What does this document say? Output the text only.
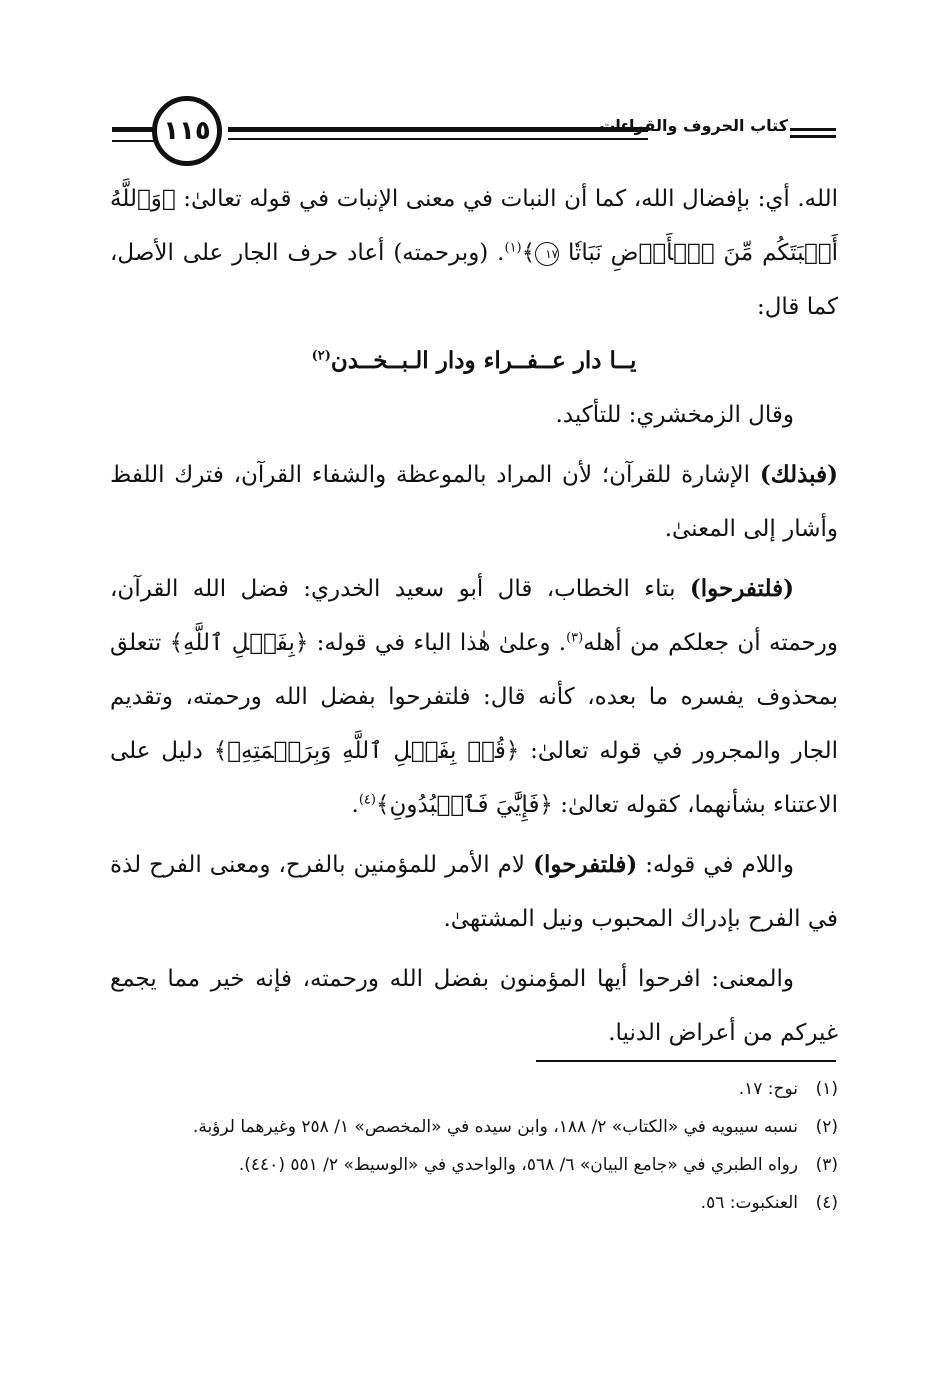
١١٥	كتاب الحروف والقراءات

الله. أي: بإفضال الله، كما أن النبات في معنى الإنبات في قوله تعالىٰ: ﴿وَٱللَّهُ أَنۢبَتَكُم مِّنَ ٱلۡأَرۡضِ نَبَاتٗا ١٧﴾$^{(١)}$. (وبرحمته) أعاد حرف الجار على الأصل، كما قال:

يــا دار عــفــراء ودار الـبــخــدن$^{(٢)}$

وقال الزمخشري: للتأكيد.

(فبذلك) الإشارة للقرآن؛ لأن المراد بالموعظة والشفاء القرآن، فترك اللفظ وأشار إلى المعنىٰ.

(فلتفرحوا) بتاء الخطاب، قال أبو سعيد الخدري: فضل الله القرآن، ورحمته أن جعلكم من أهله$^{(٣)}$. وعلىٰ هٰذا الباء في قوله: ﴿بِفَضۡلِ ٱللَّهِ﴾ تتعلق بمحذوف يفسره ما بعده، كأنه قال: فلتفرحوا بفضل الله ورحمته، وتقديم الجار والمجرور في قوله تعالىٰ: ﴿قُلۡ بِفَضۡلِ ٱللَّهِ وَبِرَحۡمَتِهِۦ﴾ دليل على الاعتناء بشأنهما، كقوله تعالىٰ: ﴿فَإِيَّٰيَ فَٱعۡبُدُونِ﴾$^{(٤)}$.

واللام في قوله: (فلتفرحوا) لام الأمر للمؤمنين بالفرح، ومعنى الفرح لذة في الفرح بإدراك المحبوب ونيل المشتهىٰ.

والمعنى: افرحوا أيها المؤمنون بفضل الله ورحمته، فإنه خير مما يجمع غيركم من أعراض الدنيا.

(١)
نوح: ١٧.
(٢)
نسبه سيبويه في «الكتاب» ٢/ ١٨٨، وابن سيده في «المخصص» ١/ ٢٥٨ وغيرهما لرؤبة.
(٣)
رواه الطبري في «جامع البيان» ٦/ ٥٦٨، والواحدي في «الوسيط» ٢/ ٥٥١ (٤٤٠).
(٤)
العنكبوت: ٥٦.
